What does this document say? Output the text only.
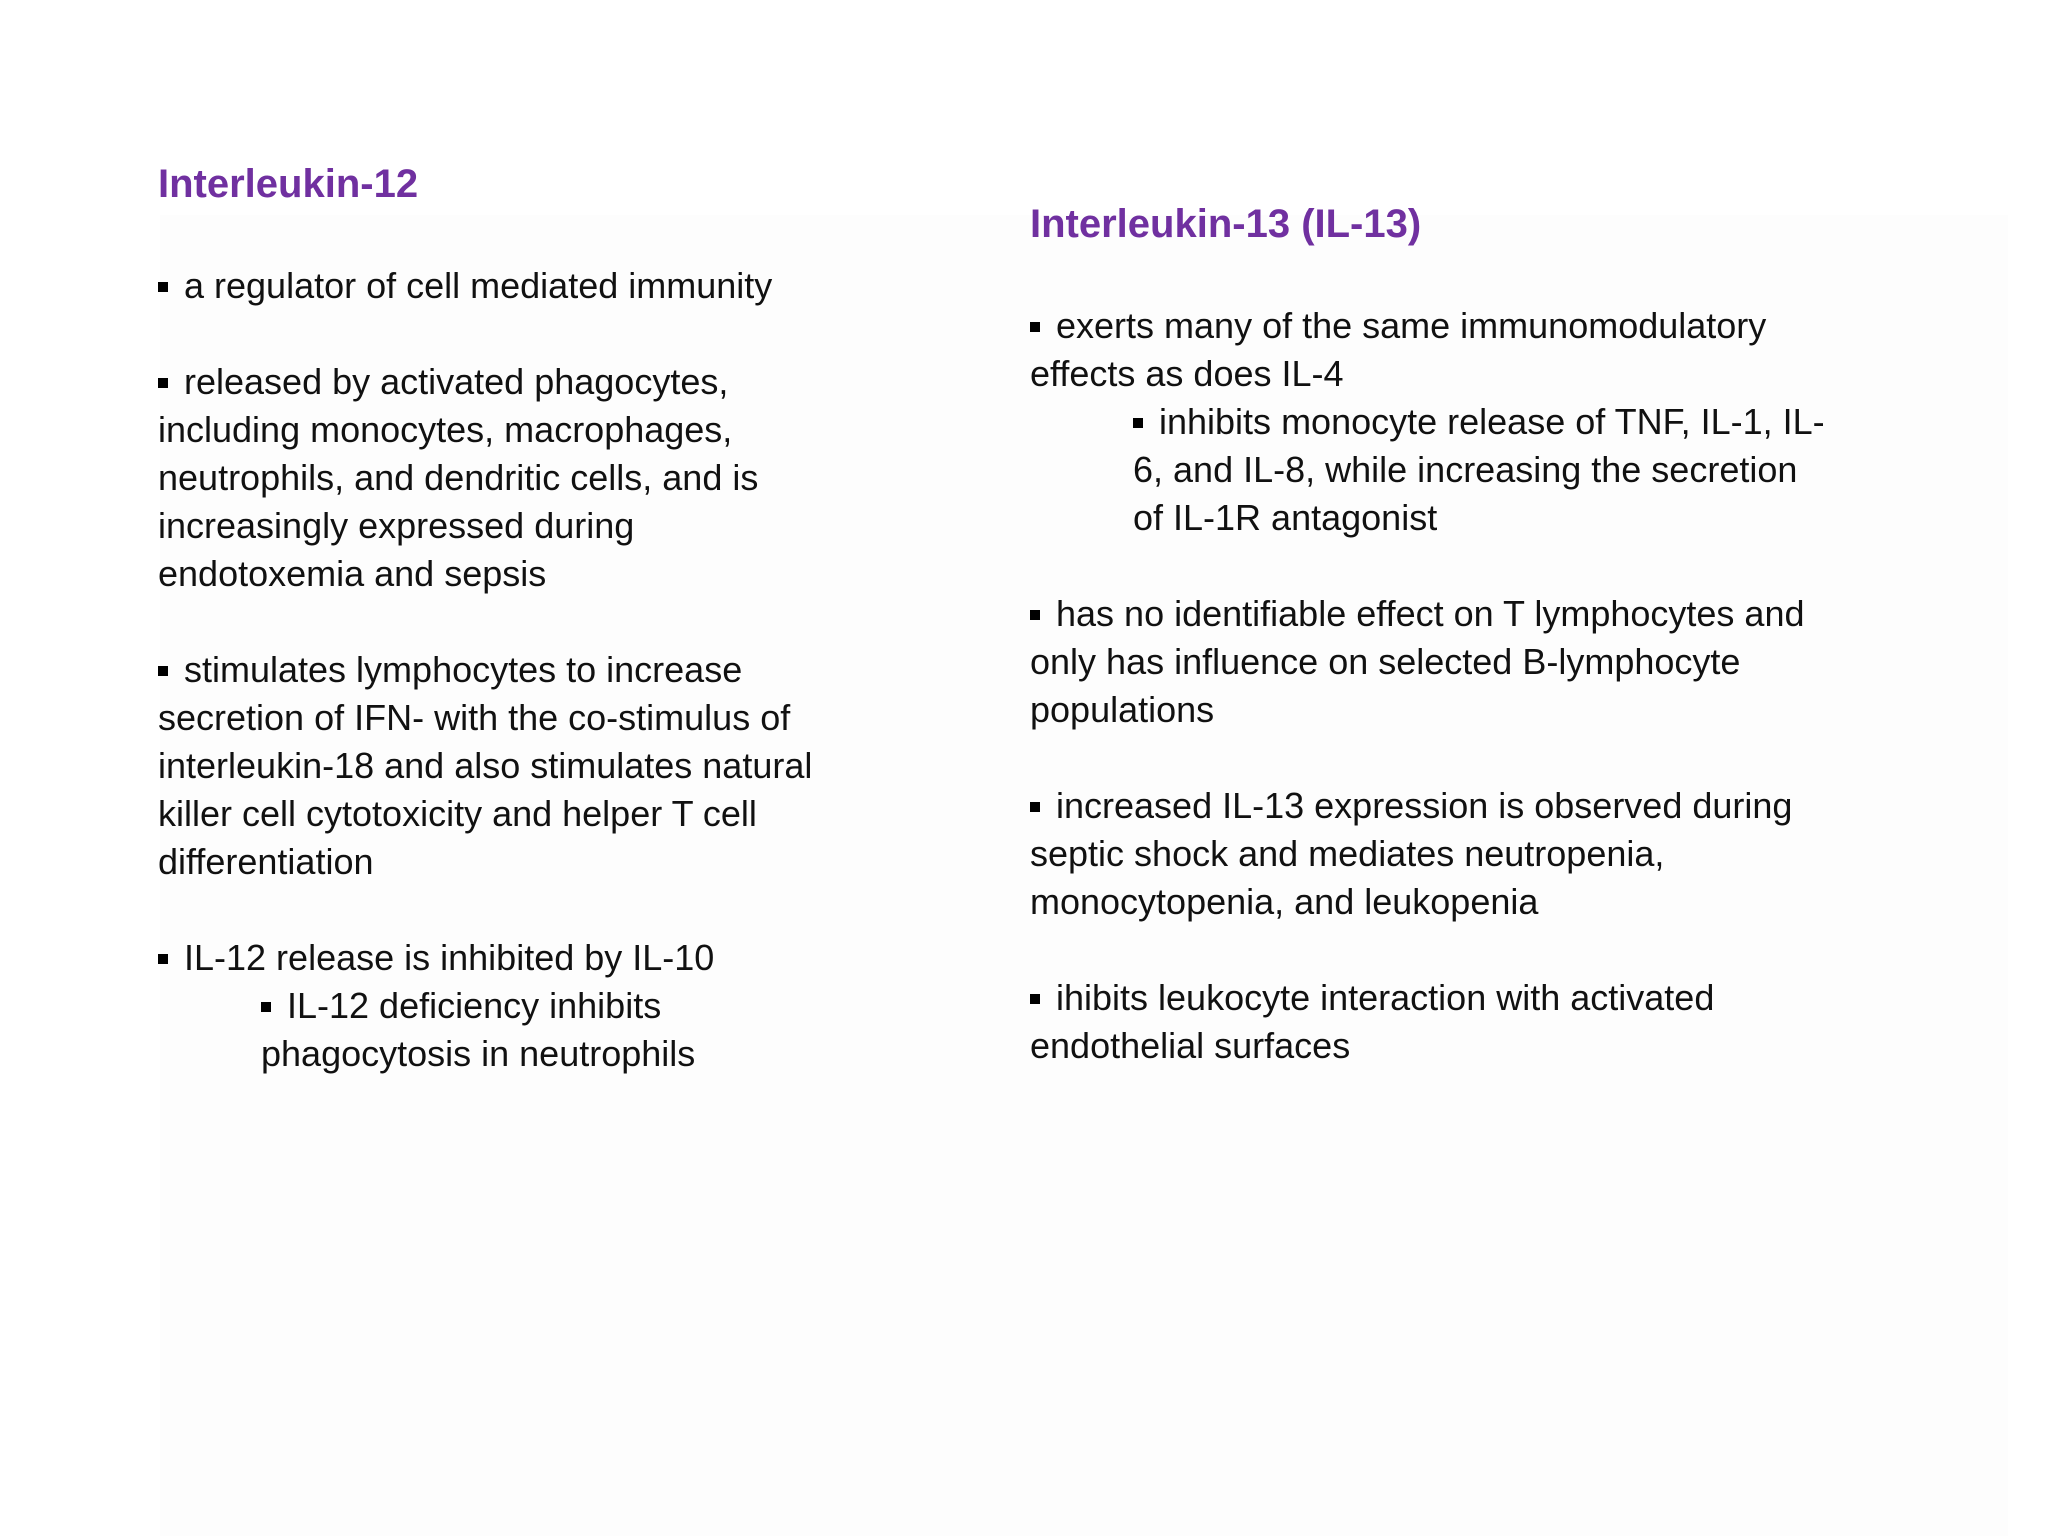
Interleukin-12

a regulator of cell mediated immunity

released by activated phagocytes, including monocytes, macrophages, neutrophils, and dendritic cells, and is increasingly expressed during endotoxemia and sepsis

stimulates lymphocytes to increase secretion of IFN- with the co-stimulus of interleukin-18 and also stimulates natural killer cell cytotoxicity and helper T cell differentiation

IL-12 release is inhibited by IL-10

IL-12 deficiency inhibits phagocytosis in neutrophils

Interleukin-13 (IL-13)

exerts many of the same immunomodulatory effects as does IL-4

inhibits monocyte release of TNF, IL-1, IL-6, and IL-8, while increasing the secretion of IL-1R antagonist

has no identifiable effect on T lymphocytes and only has influence on selected B-lymphocyte populations

increased IL-13 expression is observed during septic shock and mediates neutropenia, monocytopenia, and leukopenia

ihibits leukocyte interaction with activated endothelial surfaces
